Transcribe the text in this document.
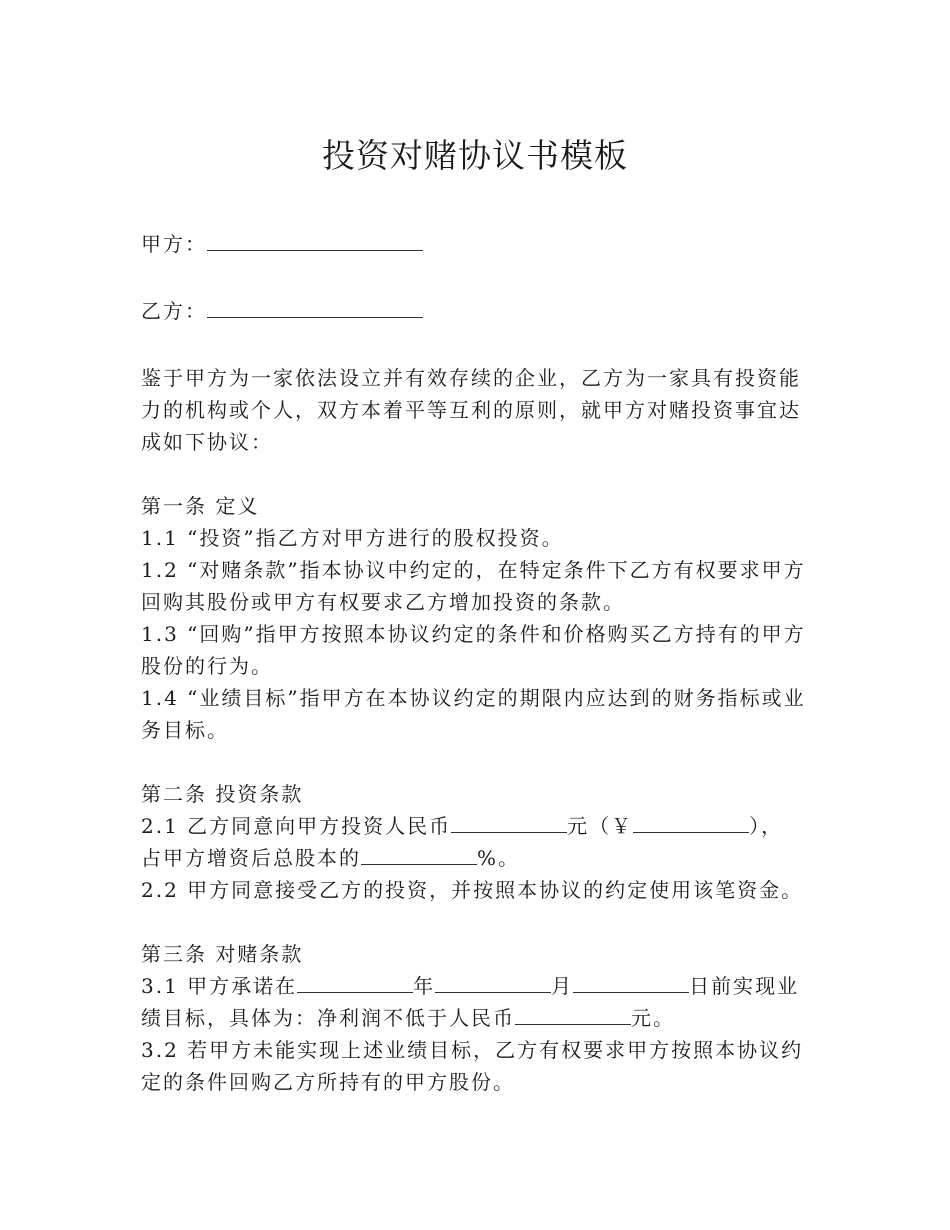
投资对赌协议书模板
甲方：
乙方：
鉴于甲方为一家依法设立并有效存续的企业，乙方为一家具有投资能力的机构或个人，双方本着平等互利的原则，就甲方对赌投资事宜达成如下协议：
第一条 定义
1.1 “投资”指乙方对甲方进行的股权投资。
1.2 “对赌条款”指本协议中约定的，在特定条件下乙方有权要求甲方回购其股份或甲方有权要求乙方增加投资的条款。
1.3 “回购”指甲方按照本协议约定的条件和价格购买乙方持有的甲方股份的行为。
1.4 “业绩目标”指甲方在本协议约定的期限内应达到的财务指标或业务目标。
第二条 投资条款
2.1 乙方同意向甲方投资人民币	元（￥	），
占甲方增资后总股本的	%。
2.2 甲方同意接受乙方的投资，并按照本协议的约定使用该笔资金。
第三条 对赌条款
3.1 甲方承诺在	年	月	日前实现业
绩目标，具体为：净利润不低于人民币	元。
3.2 若甲方未能实现上述业绩目标，乙方有权要求甲方按照本协议约定的条件回购乙方所持有的甲方股份。
